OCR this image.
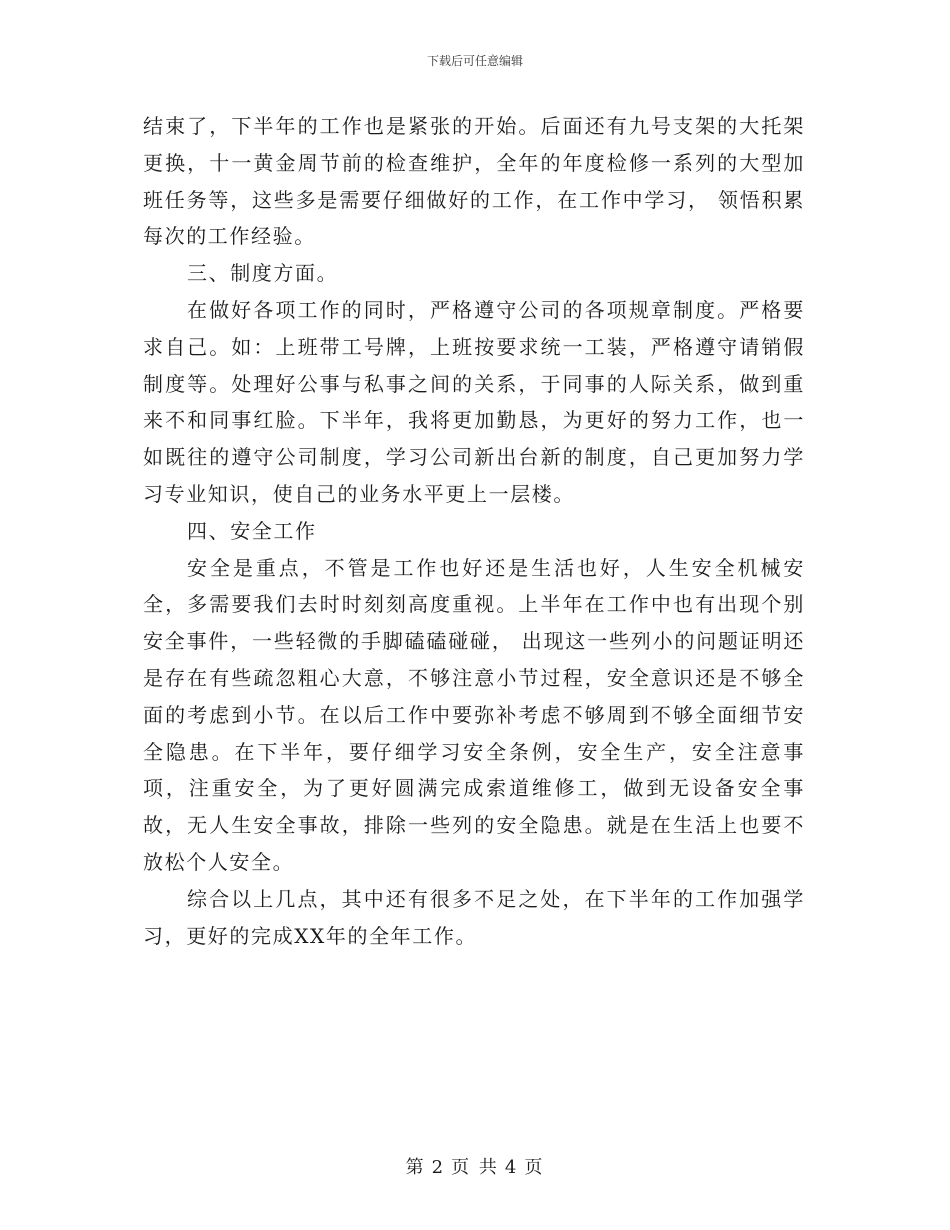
下载后可任意编辑

结束了，下半年的工作也是紧张的开始。后面还有九号支架的大托架更换，十一黄金周节前的检查维护，全年的年度检修一系列的大型加班任务等，这些多是需要仔细做好的工作，在工作中学习， 领悟积累每次的工作经验。

三、制度方面。

在做好各项工作的同时，严格遵守公司的各项规章制度。严格要求自己。如：上班带工号牌，上班按要求统一工装，严格遵守请销假制度等。处理好公事与私事之间的关系，于同事的人际关系，做到重来不和同事红脸。下半年，我将更加勤恳，为更好的努力工作，也一如既往的遵守公司制度，学习公司新出台新的制度，自己更加努力学习专业知识，使自己的业务水平更上一层楼。

四、安全工作

安全是重点，不管是工作也好还是生活也好，人生安全机械安全，多需要我们去时时刻刻高度重视。上半年在工作中也有出现个别安全事件，一些轻微的手脚磕磕碰碰， 出现这一些列小的问题证明还是存在有些疏忽粗心大意，不够注意小节过程，安全意识还是不够全面的考虑到小节。在以后工作中要弥补考虑不够周到不够全面细节安全隐患。在下半年，要仔细学习安全条例，安全生产，安全注意事项，注重安全，为了更好圆满完成索道维修工，做到无设备安全事故，无人生安全事故，排除一些列的安全隐患。就是在生活上也要不放松个人安全。

综合以上几点，其中还有很多不足之处，在下半年的工作加强学习，更好的完成XX年的全年工作。

第 2 页 共 4 页
